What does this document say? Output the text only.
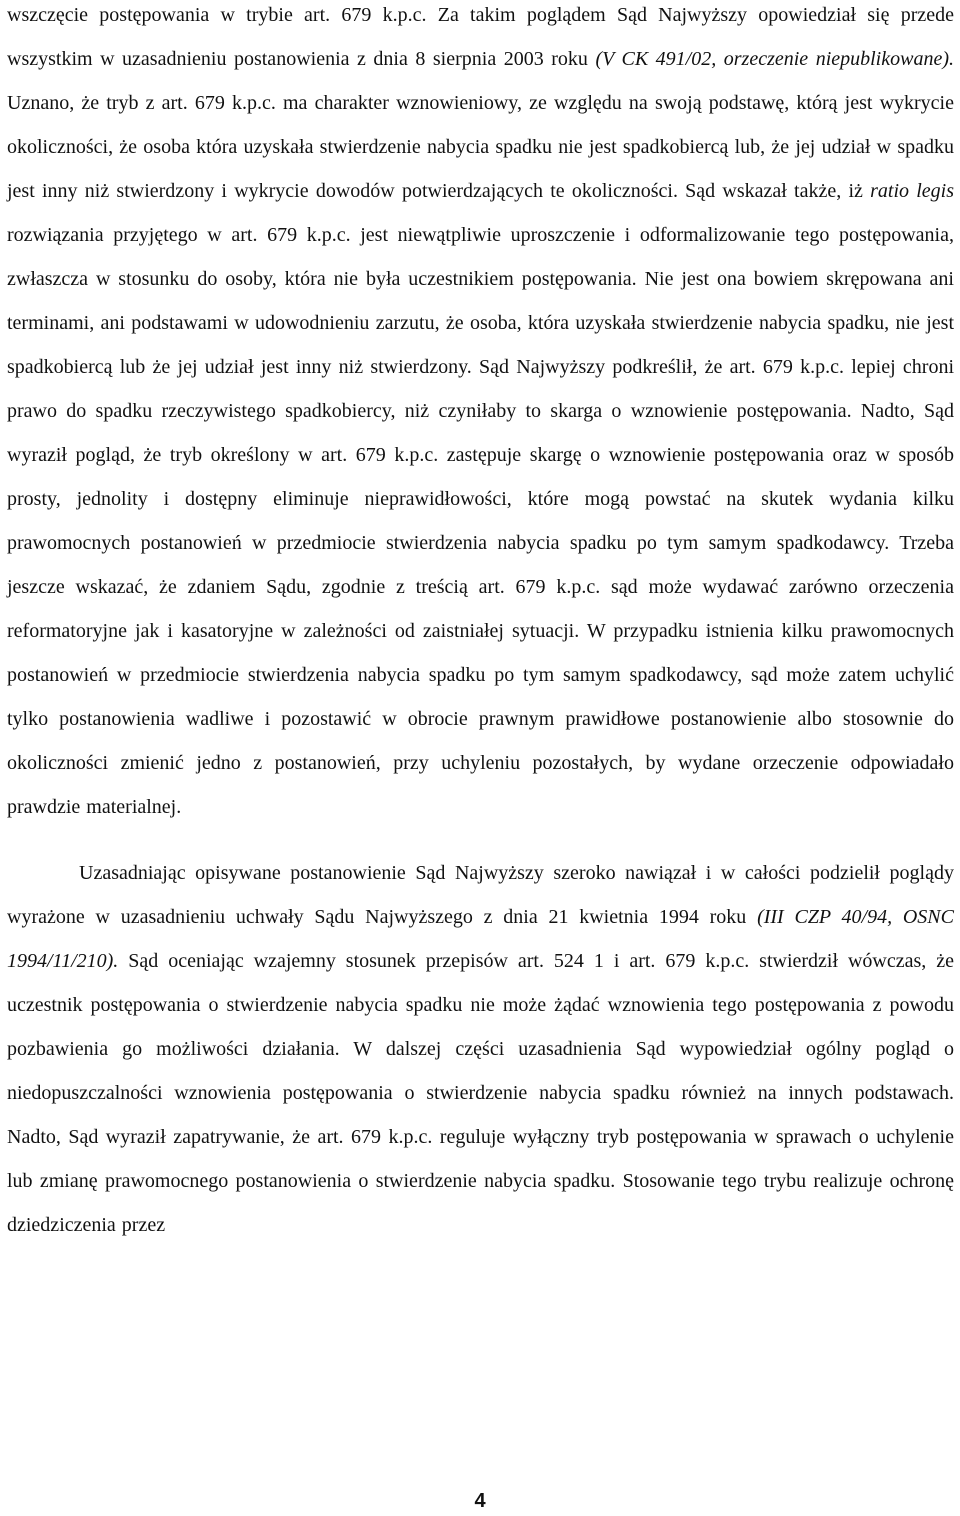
wszczęcie postępowania w trybie art. 679 k.p.c. Za takim poglądem Sąd Najwyższy opowiedział się przede wszystkim w uzasadnieniu postanowienia z dnia 8 sierpnia 2003 roku (V CK 491/02, orzeczenie niepublikowane). Uznano, że tryb z art. 679 k.p.c. ma charakter wznowieniowy, ze względu na swoją podstawę, którą jest wykrycie okoliczności, że osoba która uzyskała stwierdzenie nabycia spadku nie jest spadkobiercą lub, że jej udział w spadku jest inny niż stwierdzony i wykrycie dowodów potwierdzających te okoliczności. Sąd wskazał także, iż ratio legis rozwiązania przyjętego w art. 679 k.p.c. jest niewątpliwie uproszczenie i odformalizowanie tego postępowania, zwłaszcza w stosunku do osoby, która nie była uczestnikiem postępowania. Nie jest ona bowiem skrępowana ani terminami, ani podstawami w udowodnieniu zarzutu, że osoba, która uzyskała stwierdzenie nabycia spadku, nie jest spadkobiercą lub że jej udział jest inny niż stwierdzony. Sąd Najwyższy podkreślił, że art. 679 k.p.c. lepiej chroni prawo do spadku rzeczywistego spadkobiercy, niż czyniłaby to skarga o wznowienie postępowania. Nadto, Sąd wyraził pogląd, że tryb określony w art. 679 k.p.c. zastępuje skargę o wznowienie postępowania oraz w sposób prosty, jednolity i dostępny eliminuje nieprawidłowości, które mogą powstać na skutek wydania kilku prawomocnych postanowień w przedmiocie stwierdzenia nabycia spadku po tym samym spadkodawcy. Trzeba jeszcze wskazać, że zdaniem Sądu, zgodnie z treścią art. 679 k.p.c. sąd może wydawać zarówno orzeczenia reformatoryjne jak i kasatoryjne w zależności od zaistniałej sytuacji. W przypadku istnienia kilku prawomocnych postanowień w przedmiocie stwierdzenia nabycia spadku po tym samym spadkodawcy, sąd może zatem uchylić tylko postanowienia wadliwe i pozostawić w obrocie prawnym prawidłowe postanowienie albo stosownie do okoliczności zmienić jedno z postanowień, przy uchyleniu pozostałych, by wydane orzeczenie odpowiadało prawdzie materialnej.

Uzasadniając opisywane postanowienie Sąd Najwyższy szeroko nawiązał i w całości podzielił poglądy wyrażone w uzasadnieniu uchwały Sądu Najwyższego z dnia 21 kwietnia 1994 roku (III CZP 40/94, OSNC 1994/11/210). Sąd oceniając wzajemny stosunek przepisów art. 524 1 i art. 679 k.p.c. stwierdził wówczas, że uczestnik postępowania o stwierdzenie nabycia spadku nie może żądać wznowienia tego postępowania z powodu pozbawienia go możliwości działania. W dalszej części uzasadnienia Sąd wypowiedział ogólny pogląd o niedopuszczalności wznowienia postępowania o stwierdzenie nabycia spadku również na innych podstawach. Nadto, Sąd wyraził zapatrywanie, że art. 679 k.p.c. reguluje wyłączny tryb postępowania w sprawach o uchylenie lub zmianę prawomocnego postanowienia o stwierdzenie nabycia spadku. Stosowanie tego trybu realizuje ochronę dziedziczenia przez

4
